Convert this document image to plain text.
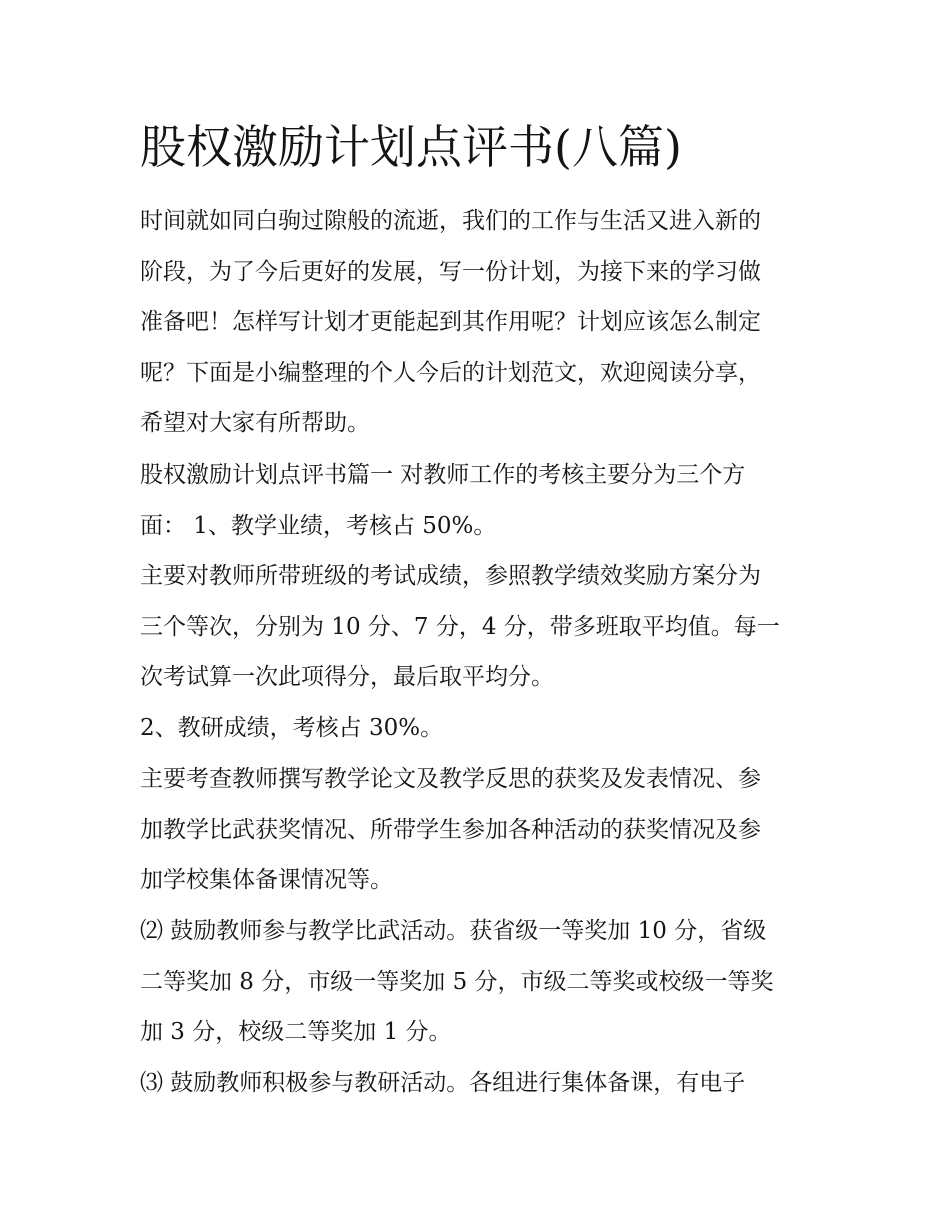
股权激励计划点评书(八篇)
时间就如同白驹过隙般的流逝，我们的工作与生活又进入新的
阶段，为了今后更好的发展，写一份计划，为接下来的学习做
准备吧！怎样写计划才更能起到其作用呢？计划应该怎么制定
呢？下面是小编整理的个人今后的计划范文，欢迎阅读分享，
希望对大家有所帮助。
股权激励计划点评书篇一 对教师工作的考核主要分为三个方
面： 1、教学业绩，考核占 50%。
主要对教师所带班级的考试成绩，参照教学绩效奖励方案分为
三个等次，分别为 10 分、7 分，4 分，带多班取平均值。每一
次考试算一次此项得分，最后取平均分。
2、教研成绩，考核占 30%。
主要考查教师撰写教学论文及教学反思的获奖及发表情况、参
加教学比武获奖情况、所带学生参加各种活动的获奖情况及参
加学校集体备课情况等。
⑵ 鼓励教师参与教学比武活动。获省级一等奖加 10 分，省级
二等奖加 8 分，市级一等奖加 5 分，市级二等奖或校级一等奖
加 3 分，校级二等奖加 1 分。
⑶ 鼓励教师积极参与教研活动。各组进行集体备课，有电子
